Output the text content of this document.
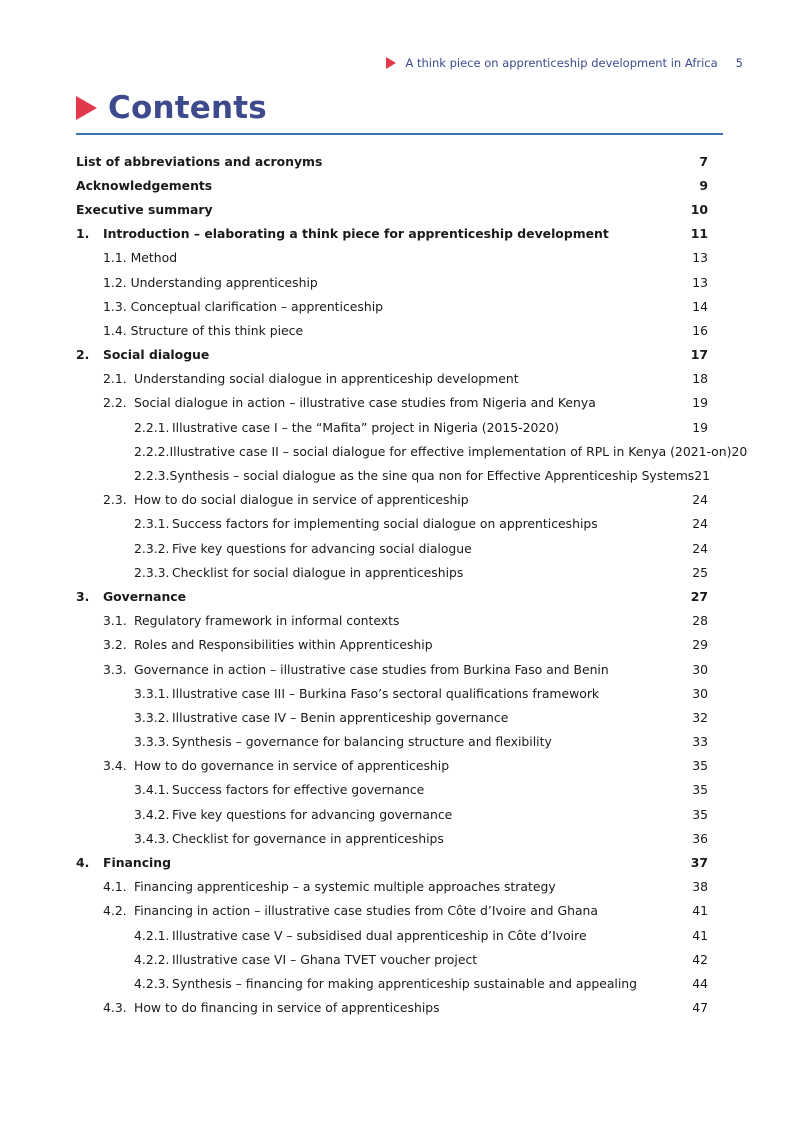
A think piece on apprenticeship development in Africa 5
Contents
List of abbreviations and acronyms	7
Acknowledgements	9
Executive summary	10
1.	Introduction – elaborating a think piece for apprenticeship development	11
1.1. Method	13
1.2. Understanding apprenticeship	13
1.3. Conceptual clarification – apprenticeship	14
1.4. Structure of this think piece	16
2.	Social dialogue	17
2.1. Understanding social dialogue in apprenticeship development	18
2.2. Social dialogue in action – illustrative case studies from Nigeria and Kenya	19
2.2.1. Illustrative case I – the “Mafita” project in Nigeria (2015-2020)	19
2.2.2. Illustrative case II – social dialogue for effective implementation of RPL in Kenya (2021-on) 20
2.2.3. Synthesis – social dialogue as the sine qua non for Effective Apprenticeship Systems 21
2.3. How to do social dialogue in service of apprenticeship	24
2.3.1. Success factors for implementing social dialogue on apprenticeships	24
2.3.2. Five key questions for advancing social dialogue	24
2.3.3. Checklist for social dialogue in apprenticeships	25
3.	Governance	27
3.1. Regulatory framework in informal contexts	28
3.2. Roles and Responsibilities within Apprenticeship	29
3.3. Governance in action – illustrative case studies from Burkina Faso and Benin	30
3.3.1. Illustrative case III – Burkina Faso’s sectoral qualifications framework	30
3.3.2. Illustrative case IV – Benin apprenticeship governance	32
3.3.3. Synthesis – governance for balancing structure and flexibility	33
3.4. How to do governance in service of apprenticeship	35
3.4.1. Success factors for effective governance	35
3.4.2. Five key questions for advancing governance	35
3.4.3. Checklist for governance in apprenticeships	36
4.	Financing	37
4.1. Financing apprenticeship – a systemic multiple approaches strategy	38
4.2. Financing in action – illustrative case studies from Côte d’Ivoire and Ghana	41
4.2.1. Illustrative case V – subsidised dual apprenticeship in Côte d’Ivoire	41
4.2.2. Illustrative case VI – Ghana TVET voucher project	42
4.2.3. Synthesis – financing for making apprenticeship sustainable and appealing	44
4.3. How to do financing in service of apprenticeships	47
